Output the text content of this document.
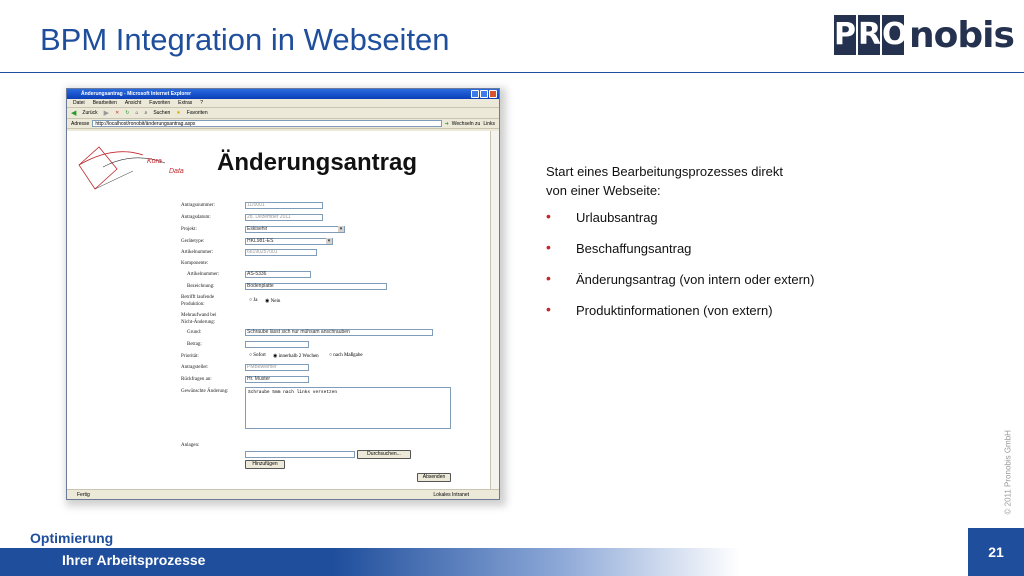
BPM Integration in Webseiten	P R O nobis
© 2011 Pronobis GmbH
Änderungsantrag - Microsoft Internet Explorer
Datei Bearbeiten Ansicht Favoriten Extras ?
◀ Zurück ▶ ✕ ↻ ⌂ ⌕ Suchen ★ Favoriten
Adresse	http://localhost/ronobit/änderungsantrag.aspx	➜ Wechseln zu Links
Kora
Data Änderungsantrag
Antragsnummer:	11/0001
Antragsdatum:	28. Dezember 2011
Projekt:	Eskisehir ▾
Gerätetype:	HKL981-ES ▾
Artikelnummer:	66190257001
Komponente:
Artikelnummer:	AS-5336
Bezeichnung:	Bodenplatte
Betrifft laufende
Produktion:
○ Ja ◉ Nein
Mehraufwand bei
Nicht-Änderung:
Grund:	Schraube lässt sich nur mühsam anschrauben
Betrag:
Priorität:	○ Sofort ◉ innerhalb 2 Wochen ○ nach Maßgabe
Antragsteller:	PMBeweimer
Rückfragen an:	Hr. Muster
Gewünschte Änderung:	Schraube 5mm nach links versetzen
Anlagen:
Durchsuchen...
Hinzufügen
Absenden
Fertig	Lokales Intranet
Start eines Bearbeitungsprozesses direkt
von einer Webseite:
• Urlaubsantrag
• Beschaffungsantrag
• Änderungsantrag (von intern oder extern)
• Produktinformationen (von extern)
Optimierung
Ihrer Arbeitsprozesse	21
